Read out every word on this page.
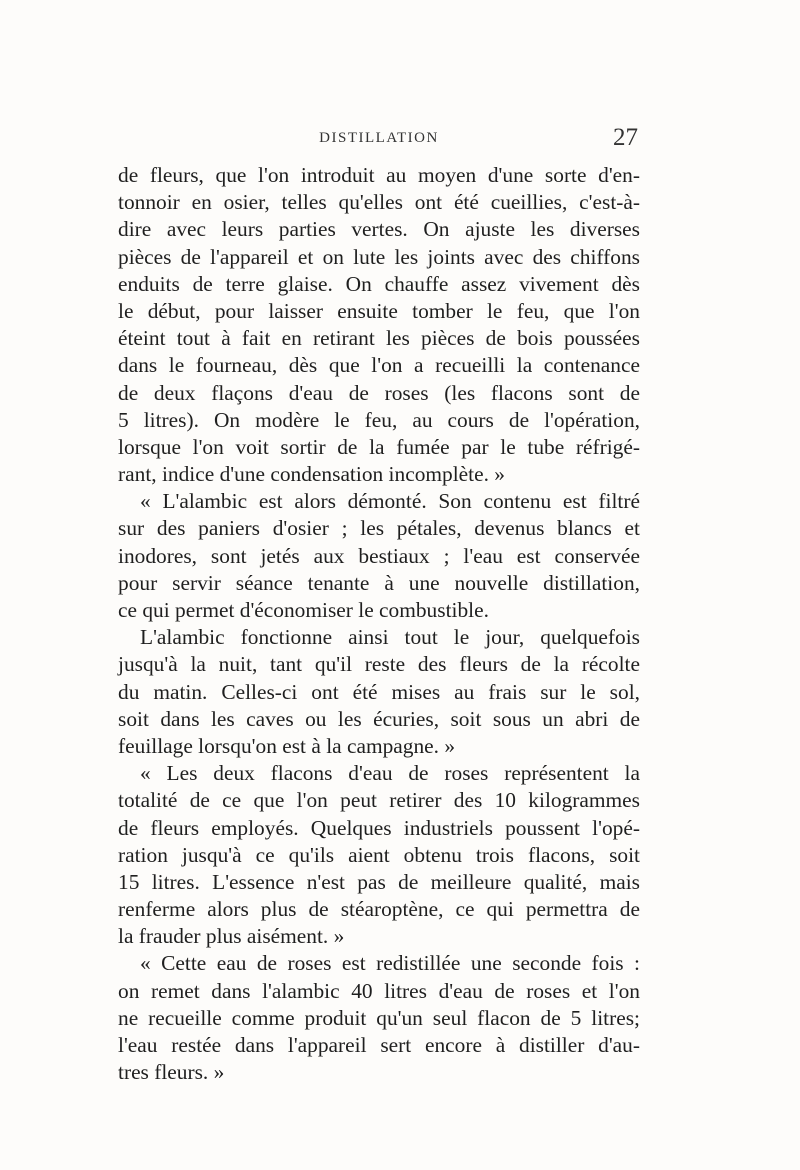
DISTILLATION	27

de fleurs, que l'on introduit au moyen d'une sorte d'en-
tonnoir en osier, telles qu'elles ont été cueillies, c'est-à-
dire avec leurs parties vertes. On ajuste les diverses
pièces de l'appareil et on lute les joints avec des chiffons
enduits de terre glaise. On chauffe assez vivement dès
le début, pour laisser ensuite tomber le feu, que l'on
éteint tout à fait en retirant les pièces de bois poussées
dans le fourneau, dès que l'on a recueilli la contenance
de deux flaçons d'eau de roses (les flacons sont de
5 litres). On modère le feu, au cours de l'opération,
lorsque l'on voit sortir de la fumée par le tube réfrigé-
rant, indice d'une condensation incomplète. »

« L'alambic est alors démonté. Son contenu est filtré
sur des paniers d'osier ; les pétales, devenus blancs et
inodores, sont jetés aux bestiaux ; l'eau est conservée
pour servir séance tenante à une nouvelle distillation,
ce qui permet d'économiser le combustible.

L'alambic fonctionne ainsi tout le jour, quelquefois
jusqu'à la nuit, tant qu'il reste des fleurs de la récolte
du matin. Celles-ci ont été mises au frais sur le sol,
soit dans les caves ou les écuries, soit sous un abri de
feuillage lorsqu'on est à la campagne. »

« Les deux flacons d'eau de roses représentent la
totalité de ce que l'on peut retirer des 10 kilogrammes
de fleurs employés. Quelques industriels poussent l'opé-
ration jusqu'à ce qu'ils aient obtenu trois flacons, soit
15 litres. L'essence n'est pas de meilleure qualité, mais
renferme alors plus de stéaroptène, ce qui permettra de
la frauder plus aisément. »

« Cette eau de roses est redistillée une seconde fois :
on remet dans l'alambic 40 litres d'eau de roses et l'on
ne recueille comme produit qu'un seul flacon de 5 litres;
l'eau restée dans l'appareil sert encore à distiller d'au-
tres fleurs. »
